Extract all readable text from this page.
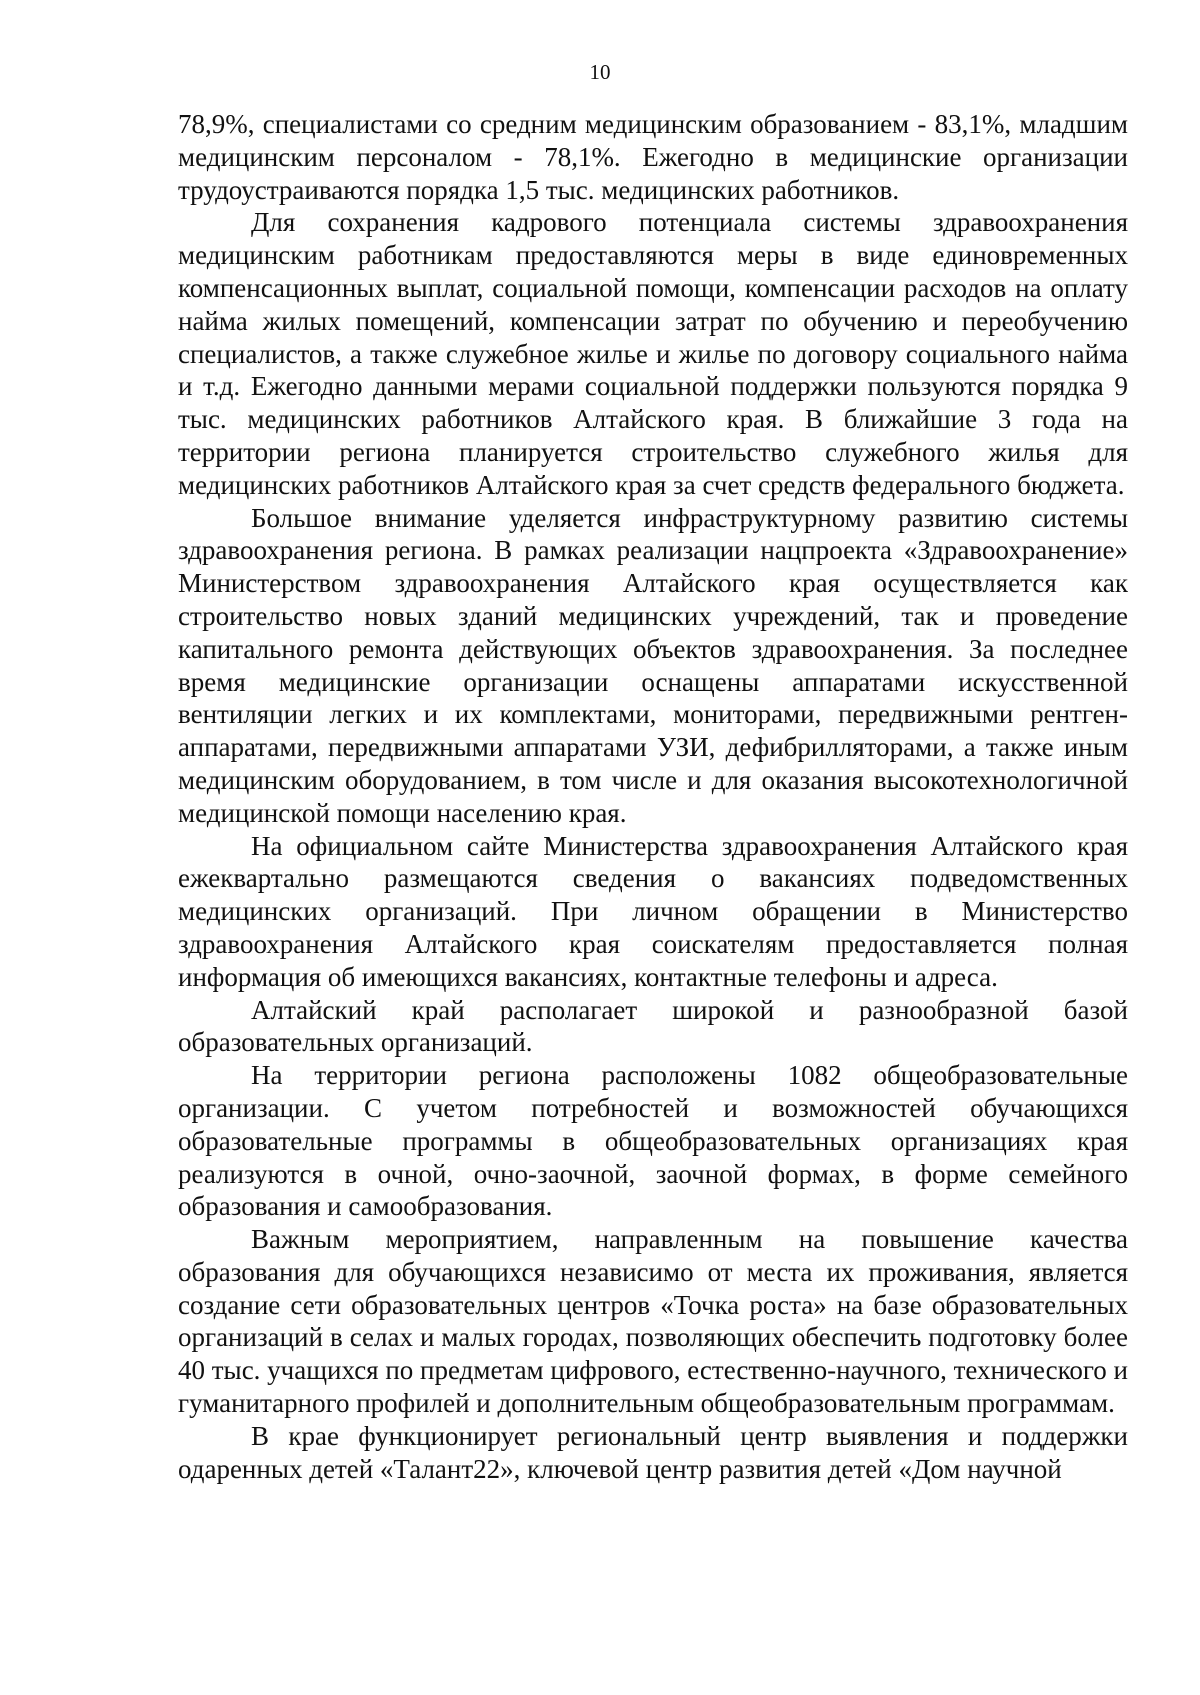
10

78,9%, специалистами со средним медицинским образованием - 83,1%, младшим медицинским персоналом - 78,1%. Ежегодно в медицинские организации трудоустраиваются порядка 1,5 тыс. медицинских работников.

Для сохранения кадрового потенциала системы здравоохранения медицинским работникам предоставляются меры в виде единовременных компенсационных выплат, социальной помощи, компенсации расходов на оплату найма жилых помещений, компенсации затрат по обучению и переобучению специалистов, а также служебное жилье и жилье по договору социального найма и т.д. Ежегодно данными мерами социальной поддержки пользуются порядка 9 тыс. медицинских работников Алтайского края. В ближайшие 3 года на территории региона планируется строительство служебного жилья для медицинских работников Алтайского края за счет средств федерального бюджета.

Большое внимание уделяется инфраструктурному развитию системы здравоохранения региона. В рамках реализации нацпроекта «Здравоохранение» Министерством здравоохранения Алтайского края осуществляется как строительство новых зданий медицинских учреждений, так и проведение капитального ремонта действующих объектов здравоохранения. За последнее время медицинские организации оснащены аппаратами искусственной вентиляции легких и их комплектами, мониторами, передвижными рентген-аппаратами, передвижными аппаратами УЗИ, дефибрилляторами, а также иным медицинским оборудованием, в том числе и для оказания высокотехнологичной медицинской помощи населению края.

На официальном сайте Министерства здравоохранения Алтайского края ежеквартально размещаются сведения о вакансиях подведомственных медицинских организаций. При личном обращении в Министерство здравоохранения Алтайского края соискателям предоставляется полная информация об имеющихся вакансиях, контактные телефоны и адреса.

Алтайский край располагает широкой и разнообразной базой образовательных организаций.

На территории региона расположены 1082 общеобразовательные организации. С учетом потребностей и возможностей обучающихся образовательные программы в общеобразовательных организациях края реализуются в очной, очно-заочной, заочной формах, в форме семейного образования и самообразования.

Важным мероприятием, направленным на повышение качества образования для обучающихся независимо от места их проживания, является создание сети образовательных центров «Точка роста» на базе образовательных организаций в селах и малых городах, позволяющих обеспечить подготовку более 40 тыс. учащихся по предметам цифрового, естественно-научного, технического и гуманитарного профилей и дополнительным общеобразовательным программам.

В крае функционирует региональный центр выявления и поддержки одаренных детей «Талант22», ключевой центр развития детей «Дом научной
